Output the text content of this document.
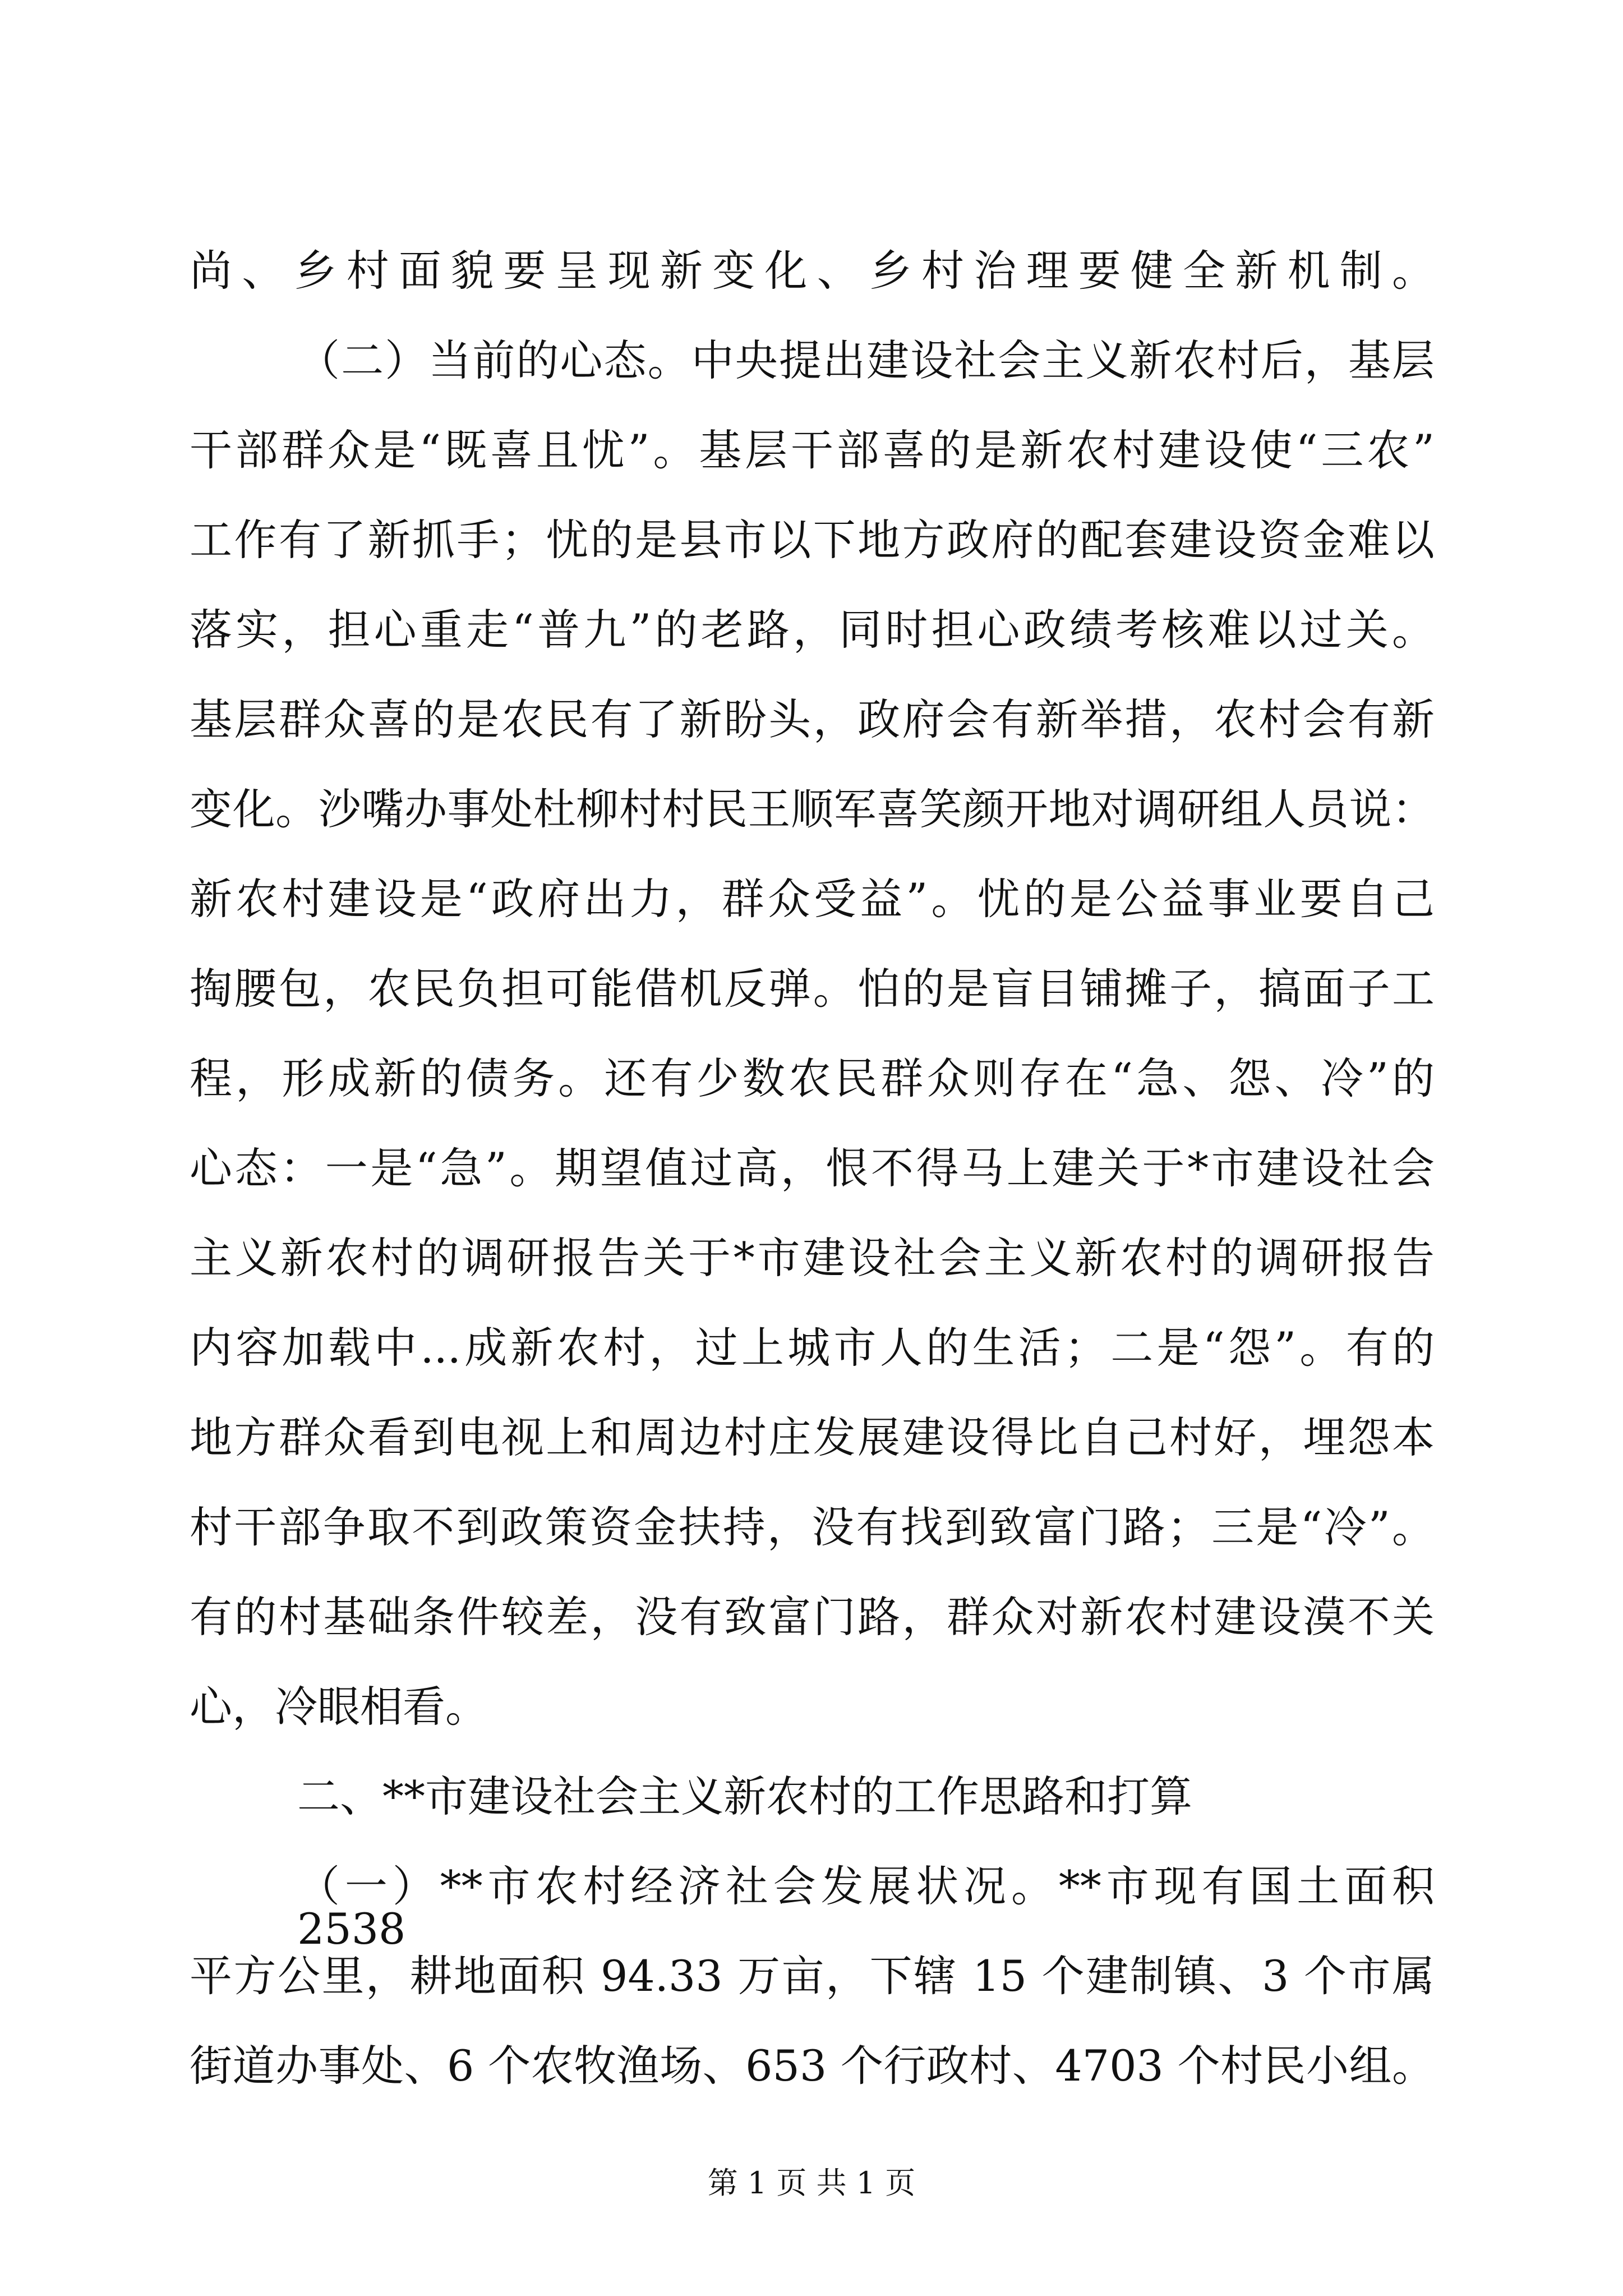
尚、乡村面貌要呈现新变化、乡村治理要健全新机制。
（二）当前的心态。中央提出建设社会主义新农村后，基层
干部群众是“既喜且忧”。基层干部喜的是新农村建设使“三农”
工作有了新抓手；忧的是县市以下地方政府的配套建设资金难以
落实，担心重走“普九”的老路，同时担心政绩考核难以过关。
基层群众喜的是农民有了新盼头，政府会有新举措，农村会有新
变化。沙嘴办事处杜柳村村民王顺军喜笑颜开地对调研组人员说：
新农村建设是“政府出力，群众受益”。忧的是公益事业要自己
掏腰包，农民负担可能借机反弹。怕的是盲目铺摊子，搞面子工
程，形成新的债务。还有少数农民群众则存在“急、怨、冷”的
心态：一是“急”。期望值过高，恨不得马上建关于*市建设社会
主义新农村的调研报告关于*市建设社会主义新农村的调研报告
内容加载中...成新农村，过上城市人的生活；二是“怨”。有的
地方群众看到电视上和周边村庄发展建设得比自己村好，埋怨本
村干部争取不到政策资金扶持，没有找到致富门路；三是“冷”。
有的村基础条件较差，没有致富门路，群众对新农村建设漠不关
心，冷眼相看。
二、**市建设社会主义新农村的工作思路和打算
（一）**市农村经济社会发展状况。**市现有国土面积 2538
平方公里，耕地面积 94.33 万亩，下辖 15 个建制镇、3 个市属
街道办事处、6 个农牧渔场、653 个行政村、4703 个村民小组。
第 1 页 共 1 页
